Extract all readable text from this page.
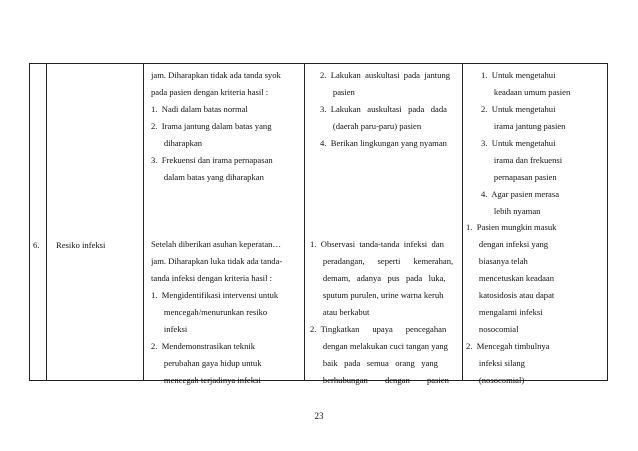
jam. Diharapkan tidak ada tanda syok
pada pasien dengan kriteria hasil :
1.  Nadi dalam batas normal
2.  Irama jantung dalam batas yang
diharapkan
3.  Frekuensi dan irama pernapasan
dalam batas yang diharapkan
2.  Lakukan  auskultasi  pada  jantung
pasien
3.  Lakukan   auskultasi   pada   dada
(daerah paru-paru) pasien
4.  Berikan lingkungan yang nyaman
1.  Untuk mengetahui
keadaan umum pasien
2.  Untuk mengetahui
irama jantung pasien
3.  Untuk mengetahui
irama dan frekuensi
pernapasan pasien
4.  Agar pasien merasa
lebih nyaman
6. Resiko infeksi	Setelah diberikan asuhan keperatan…
jam. Diharapkan luka tidak ada tanda-
tanda infeksi dengan kriteria hasil :
1.  Mengidentifikasi intervensi untuk
mencegah/menurunkan resiko
infeksi
2.  Mendemonstrasikan teknik
perubahan gaya hidup untuk
mencegah terjadinya infeksi
1.  Observasi  tanda-tanda  infeksi  dan
peradangan,      seperti      kemerahan,
demam,   adanya   pus   pada   luka,
sputum purulen, urine warna keruh
atau berkabut
2.  Tingkatkan      upaya      pencegahan
dengan melakukan cuci tangan yang
baik   pada   semua   orang   yang
berhubungan        dengan        pasien
1.  Pasien mungkin masuk
dengan infeksi yang
biasanya telah
mencetuskan keadaan
katosidosis atau dapat
mengalami infeksi
nosocomial
2.  Mencegah timbulnya
infeksi silang
(nosocomial)
23
